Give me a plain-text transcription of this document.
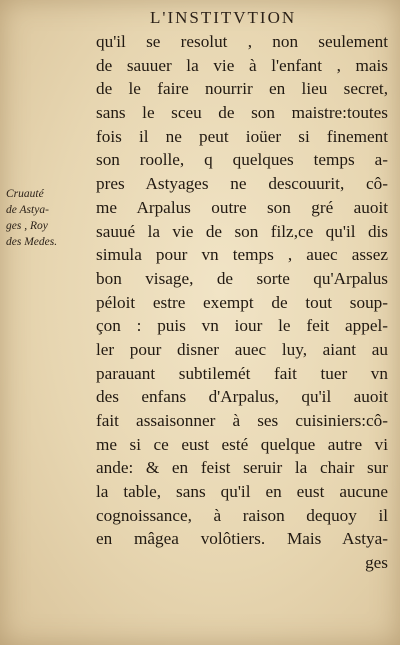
L'INSTITVTION
Cruauté
de Astya-
ges , Roy
des Medes.
qu'il se resolut , non seulement
de sauuer la vie à l'enfant , mais
de le faire nourrir en lieu secret,
sans le sceu de son maistre:toutes
fois il ne peut ioüer si finement
son roolle, q quelques temps a-
pres Astyages ne descouurit, cô-
me Arpalus outre son gré auoit
sauué la vie de son filz,ce qu'il dis
simula pour vn temps , auec assez
bon visage, de sorte qu'Arpalus
péloit estre exempt de tout soup-
çon : puis vn iour le feit appel-
ler pour disner auec luy, aiant au
parauant subtilemét fait tuer vn
des enfans d'Arpalus, qu'il auoit
fait assaisonner à ses cuisiniers:cô-
me si ce eust esté quelque autre vi
ande: & en feist seruir la chair sur
la table, sans qu'il en eust aucune
cognoissance, à raison dequoy il
en mâgea volôtiers. Mais Astya-
ges
